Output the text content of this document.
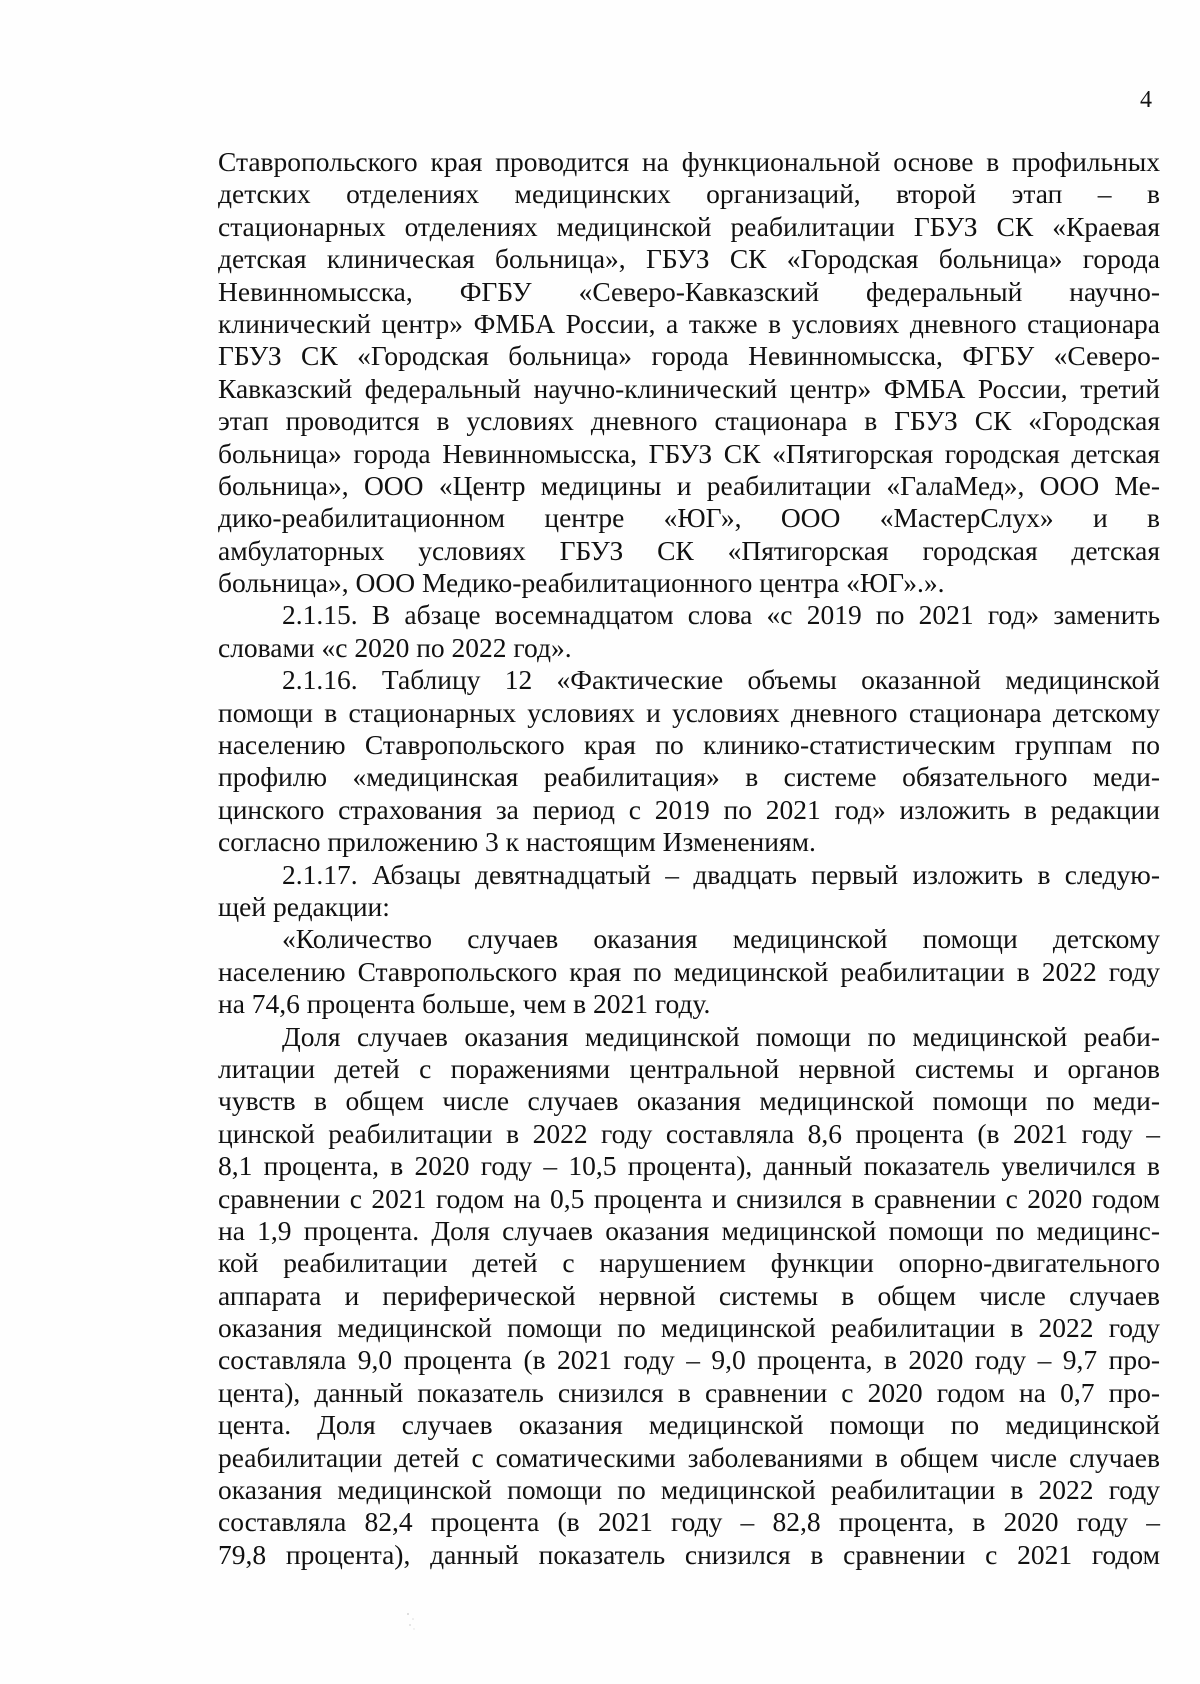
4
Ставропольского края проводится на функциональной основе в профильных
детских отделениях медицинских организаций, второй этап – в
стационарных отделениях медицинской реабилитации ГБУЗ СК «Краевая
детская клиническая больница», ГБУЗ СК «Городская больница» города
Невинномысска, ФГБУ «Северо-Кавказский федеральный научно-
клинический центр» ФМБА России, а также в условиях дневного стационара
ГБУЗ СК «Городская больница» города Невинномысска, ФГБУ «Северо-
Кавказский федеральный научно-клинический центр» ФМБА России, третий
этап проводится в условиях дневного стационара в ГБУЗ СК «Городская
больница» города Невинномысска, ГБУЗ СК «Пятигорская городская детская
больница», ООО «Центр медицины и реабилитации «ГалаМед», ООО Ме-
дико-реабилитационном центре «ЮГ», ООО «МастерСлух» и в
амбулаторных условиях ГБУЗ СК «Пятигорская городская детская
больница», ООО Медико-реабилитационного центра «ЮГ».».
2.1.15. В абзаце восемнадцатом слова «с 2019 по 2021 год» заменить
словами «с 2020 по 2022 год».
2.1.16. Таблицу 12 «Фактические объемы оказанной медицинской
помощи в стационарных условиях и условиях дневного стационара детскому
населению Ставропольского края по клинико-статистическим группам по
профилю «медицинская реабилитация» в системе обязательного меди-
цинского страхования за период с 2019 по 2021 год» изложить в редакции
согласно приложению 3 к настоящим Изменениям.
2.1.17. Абзацы девятнадцатый – двадцать первый изложить в следую-
щей редакции:
«Количество случаев оказания медицинской помощи детскому
населению Ставропольского края по медицинской реабилитации в 2022 году
на 74,6 процента больше, чем в 2021 году.
Доля случаев оказания медицинской помощи по медицинской реаби-
литации детей с поражениями центральной нервной системы и органов
чувств в общем числе случаев оказания медицинской помощи по меди-
цинской реабилитации в 2022 году составляла 8,6 процента (в 2021 году –
8,1 процента, в 2020 году – 10,5 процента), данный показатель увеличился в
сравнении с 2021 годом на 0,5 процента и снизился в сравнении с 2020 годом
на 1,9 процента. Доля случаев оказания медицинской помощи по медицинс-
кой реабилитации детей с нарушением функции опорно-двигательного
аппарата и периферической нервной системы в общем числе случаев
оказания медицинской помощи по медицинской реабилитации в 2022 году
составляла 9,0 процента (в 2021 году – 9,0 процента, в 2020 году – 9,7 про-
цента), данный показатель снизился в сравнении с 2020 годом на 0,7 про-
цента. Доля случаев оказания медицинской помощи по медицинской
реабилитации детей с соматическими заболеваниями в общем числе случаев
оказания медицинской помощи по медицинской реабилитации в 2022 году
составляла 82,4 процента (в 2021 году – 82,8 процента, в 2020 году –
79,8 процента), данный показатель снизился в сравнении с 2021 годом
